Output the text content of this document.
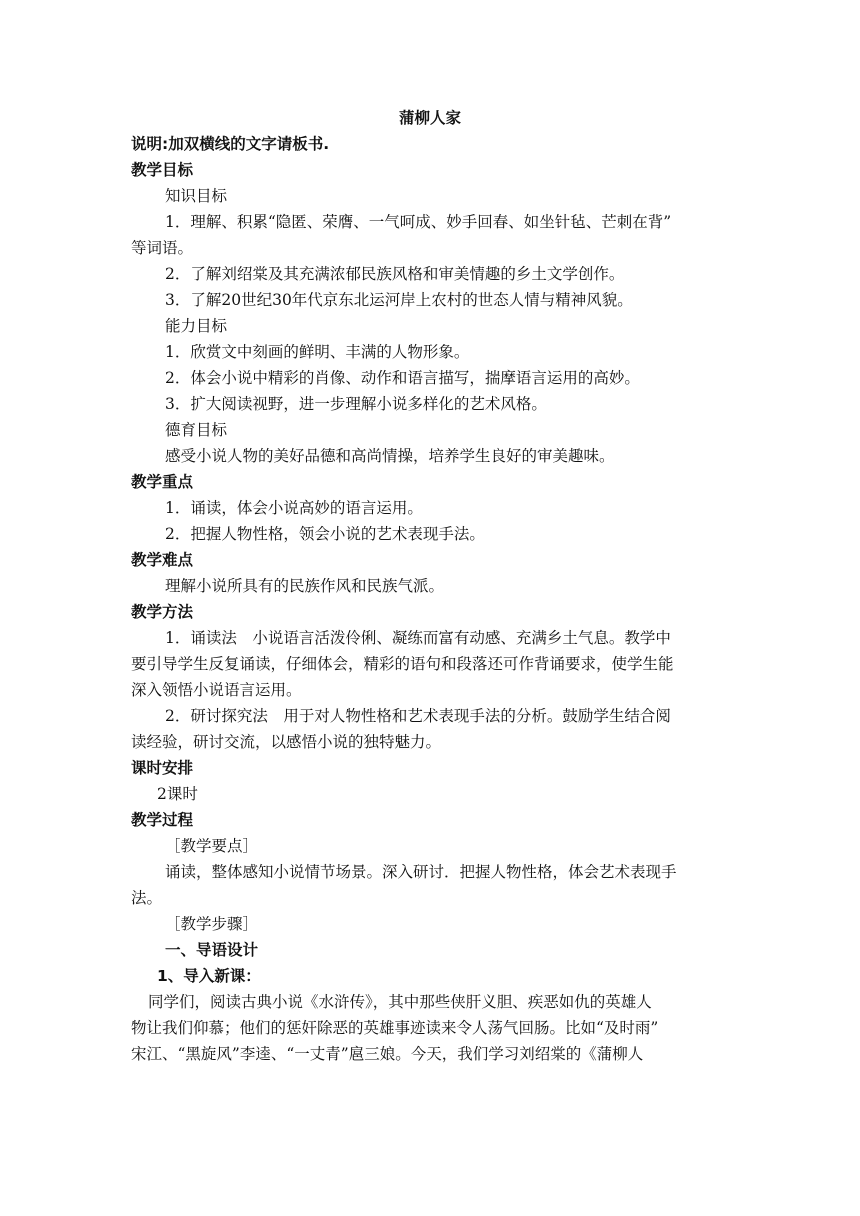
蒲柳人家
说明:加双横线的文字请板书.
教学目标
知识目标
1．理解、积累“隐匿、荣膺、一气呵成、妙手回春、如坐针毡、芒刺在背”
等词语。
2．了解刘绍棠及其充满浓郁民族风格和审美情趣的乡土文学创作。
3．了解20世纪30年代京东北运河岸上农村的世态人情与精神风貌。
能力目标
1．欣赏文中刻画的鲜明、丰满的人物形象。
2．体会小说中精彩的肖像、动作和语言描写，揣摩语言运用的高妙。
3．扩大阅读视野，进一步理解小说多样化的艺术风格。
德育目标
感受小说人物的美好品德和高尚情操，培养学生良好的审美趣味。
教学重点
1．诵读，体会小说高妙的语言运用。
2．把握人物性格，领会小说的艺术表现手法。
教学难点
理解小说所具有的民族作风和民族气派。
教学方法
1．诵读法　小说语言活泼伶俐、凝练而富有动感、充满乡土气息。教学中
要引导学生反复诵读，仔细体会，精彩的语句和段落还可作背诵要求，使学生能
深入领悟小说语言运用。
2．研讨探究法　用于对人物性格和艺术表现手法的分析。鼓励学生结合阅
读经验，研讨交流，以感悟小说的独特魅力。
课时安排
2课时
教学过程
［教学要点］
诵读，整体感知小说情节场景。深入研讨．把握人物性格，体会艺术表现手
法。
［教学步骤］
一、导语设计
1、导入新课：
同学们，阅读古典小说《水浒传》，其中那些侠肝义胆、疾恶如仇的英雄人
物让我们仰慕；他们的惩奸除恶的英雄事迹读来令人荡气回肠。比如“及时雨”
宋江、“黑旋风”李逵、“一丈青”扈三娘。今天，我们学习刘绍棠的《蒲柳人
